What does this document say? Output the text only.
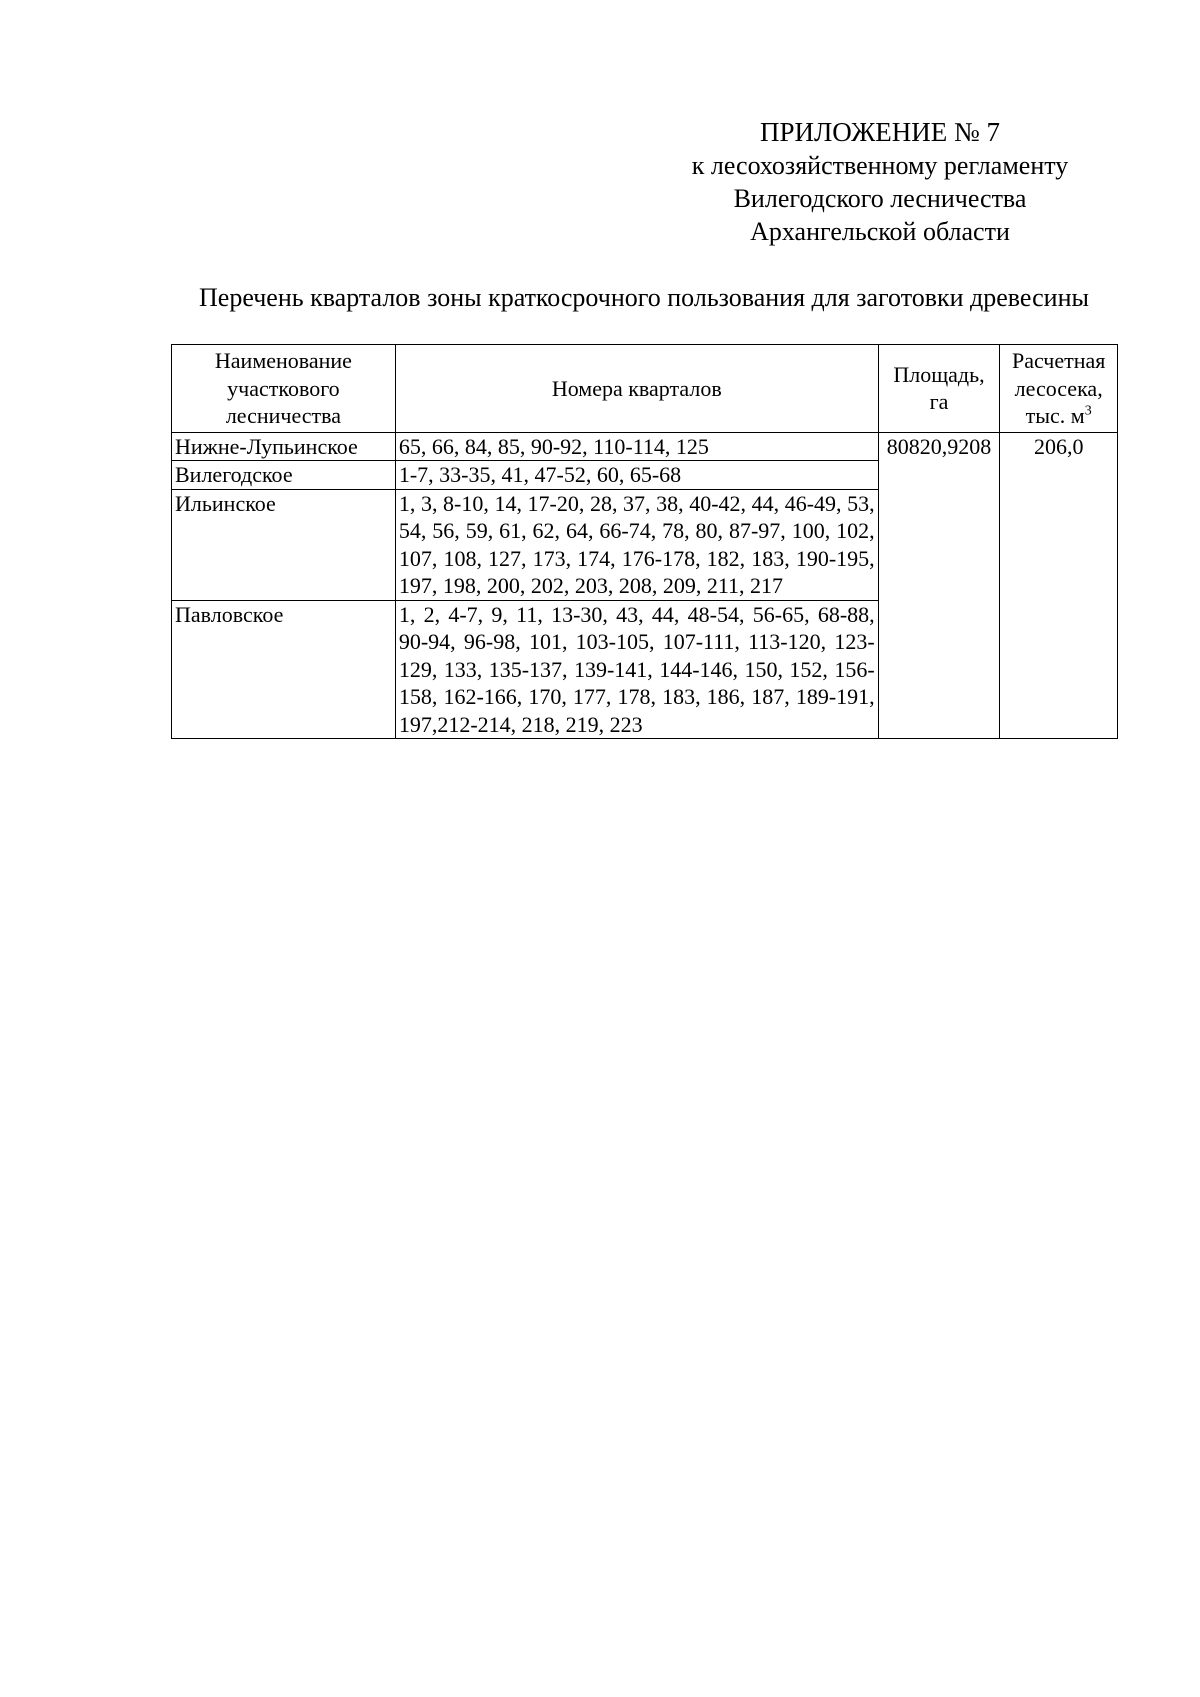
ПРИЛОЖЕНИЕ № 7
к лесохозяйственному регламенту
Вилегодского лесничества
Архангельской области
Перечень кварталов зоны краткосрочного пользования для заготовки древесины
Наименование участкового лесничества	Номера кварталов	Площадь, га	Расчетная лесосека, тыс. $м^3$
Нижне-Лупьинское	65, 66, 84, 85, 90-92, 110-114, 125	80820,9208	206,0
Вилегодское	1-7, 33-35, 41, 47-52, 60, 65-68		
Ильинское	1, 3, 8-10, 14, 17-20, 28, 37, 38, 40-42, 44, 46-49, 53, 54, 56, 59, 61, 62, 64, 66-74, 78, 80, 87-97, 100, 102, 107, 108, 127, 173, 174, 176-178, 182, 183, 190-195, 197, 198, 200, 202, 203, 208, 209, 211, 217		
Павловское	1, 2, 4-7, 9, 11, 13-30, 43, 44, 48-54, 56-65, 68-88, 90-94, 96-98, 101, 103-105, 107-111, 113-120, 123-129, 133, 135-137, 139-141, 144-146, 150, 152, 156-158, 162-166, 170, 177, 178, 183, 186, 187, 189-191, 197,212-214, 218, 219, 223		
